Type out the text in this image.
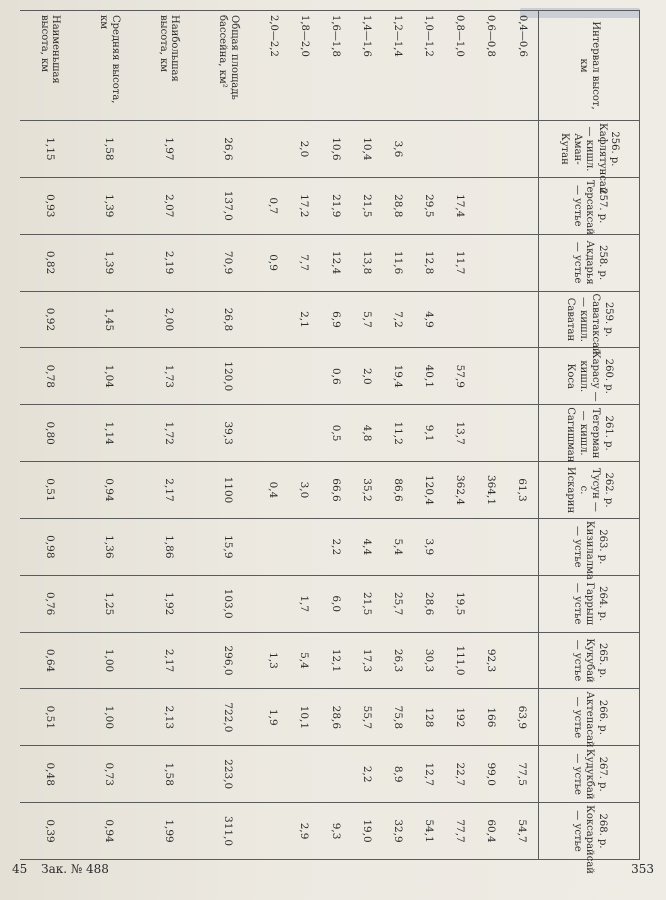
Интервал высот, км	256. р. Кафлятунсай — кишл. Аман-Кутан	257. р. Терсаксай — устье	258. р. Акдарья — устье	259. р. Саватаксай — кишл. Саватан	260. р. Карасу — кишл. Коса	261. р. Тегерман — кишл. Сагишман	262. р. Тусун — с. Искарин	263. р. Кизилалма — устье	264. р. Гаррыш — устье	265. р. Кукубай — устье	266. р. Актепасай — устье	267. р. Кудукбай — устье	268. р. Коксарайсай — устье

0,4—0,6							61,3				63,9	77,5	54,7
0,6—0,8							364,1			92,3	166	99,0	60,4
0,8—1,0		17,4	11,7		57,9	13,7	362,4		19,5	111,0	192	22,7	77,7
1,0—1,2		29,5	12,8	4,9	40,1	9,1	120,4	3,9	28,6	30,3	128	12,7	54,1
1,2—1,4	3,6	28,8	11,6	7,2	19,4	11,2	86,6	5,4	25,7	26,3	75,8	8,9	32,9
1,4—1,6	10,4	21,5	13,8	5,7	2,0	4,8	35,2	4,4	21,5	17,3	55,7	2,2	19,0
1,6—1,8	10,6	21,9	12,4	6,9	0,6	0,5	66,6	2,2	6,0	12,1	28,6		9,3
1,8—2,0	2,0	17,2	7,7	2,1			3,0		1,7	5,4	10,1		2,9
2,0—2,2		0,7	0,9				0,4			1,3	1,9		
Общая площадь бассейна, км²	26,6	137,0	70,9	26,8	120,0	39,3	1100	15,9	103,0	296,0	722,0	223,0	311,0
Наибольшая высота, км	1,97	2,07	2,19	2,00	1,73	1,72	2,17	1,86	1,92	2,17	2,13	1,58	1,99
Средняя высота, км	1,58	1,39	1,39	1,45	1,04	1,14	0,94	1,36	1,25	1,00	1,00	0,73	0,94
Наименьшая высота, км	1,15	0,93	0,82	0,92	0,78	0,80	0,51	0,98	0,76	0,64	0,51	0,48	0,39
45 Зак. № 488	353
